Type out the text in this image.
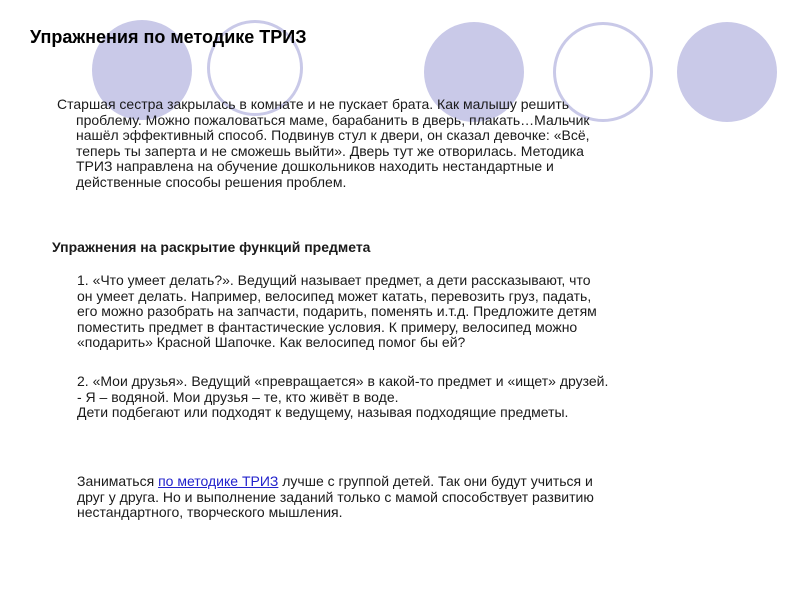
Упражнения по методике ТРИЗ

Старшая сестра закрылась в комнате и не пускает брата. Как малышу решить
проблему. Можно пожаловаться маме, барабанить в дверь, плакать…Мальчик
нашёл эффективный способ. Подвинув стул к двери, он сказал девочке: «Всё,
теперь ты заперта и не сможешь выйти». Дверь тут же отворилась. Методика
ТРИЗ направлена на обучение дошкольников находить нестандартные и
действенные способы решения проблем.

Упражнения на раскрытие функций предмета

1. «Что умеет делать?». Ведущий называет предмет, а дети рассказывают, что
он умеет делать. Например, велосипед может катать, перевозить груз, падать,
его можно разобрать на запчасти, подарить, поменять и.т.д. Предложите детям
поместить предмет в фантастические условия. К примеру, велосипед можно
«подарить» Красной Шапочке. Как велосипед помог бы ей?

2. «Мои друзья». Ведущий «превращается» в какой-то предмет и «ищет» друзей.
- Я – водяной. Мои друзья – те, кто живёт в воде.
Дети подбегают или подходят к ведущему, называя подходящие предметы.

Заниматься по методике ТРИЗ лучше с группой детей. Так они будут учиться и
друг у друга. Но и выполнение заданий только с мамой способствует развитию
нестандартного, творческого мышления.
